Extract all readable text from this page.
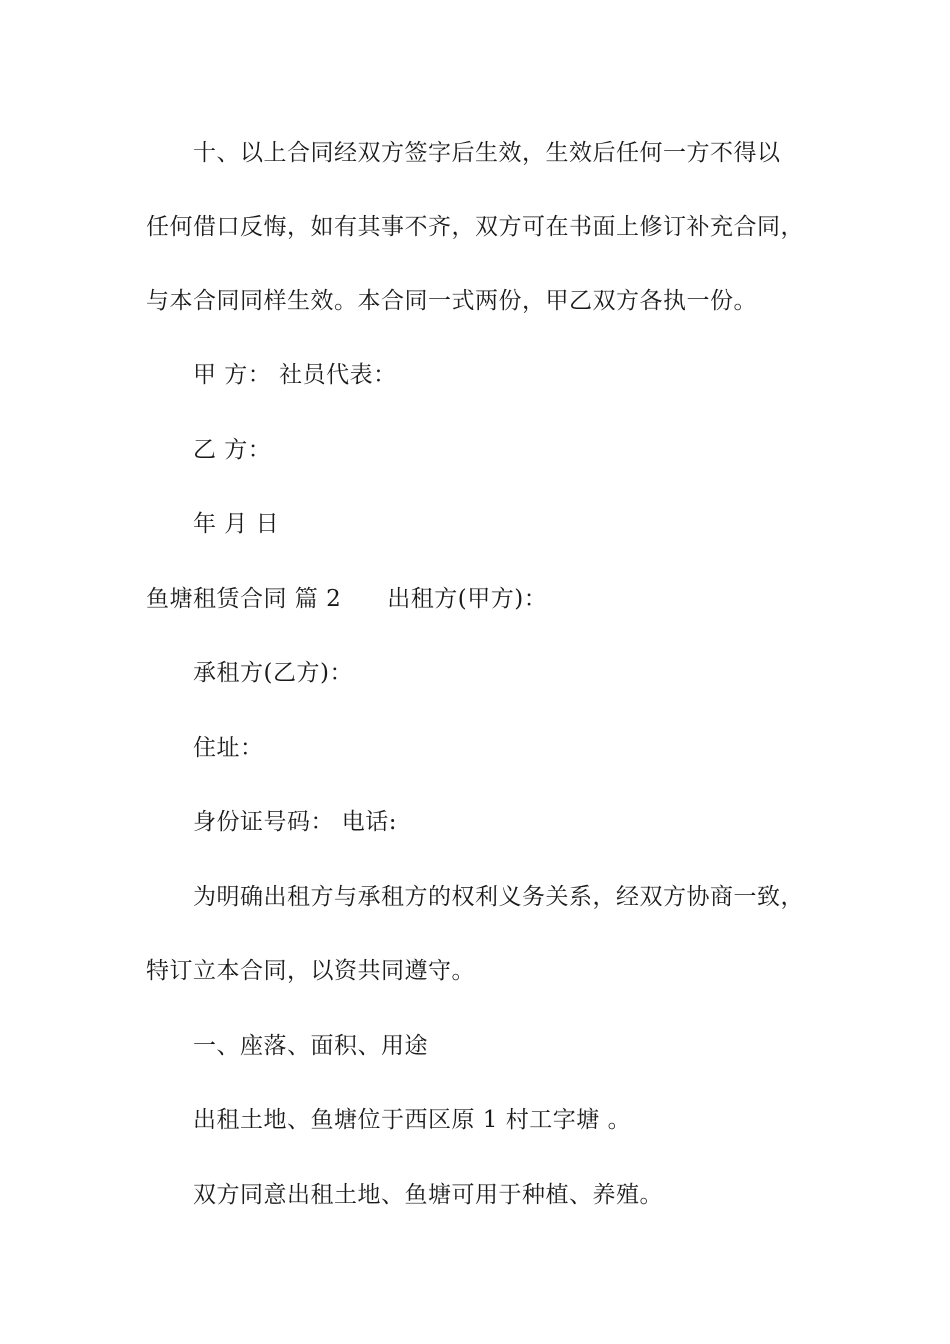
十、以上合同经双方签字后生效，生效后任何一方不得以
任何借口反悔，如有其事不齐，双方可在书面上修订补充合同，
与本合同同样生效。本合同一式两份，甲乙双方各执一份。
甲 方： 社员代表：
乙 方：
年 月 日
鱼塘租赁合同 篇 2 出租方(甲方)：
承租方(乙方)：
住址：
身份证号码： 电话:
为明确出租方与承租方的权利义务关系，经双方协商一致，
特订立本合同，以资共同遵守。
一、座落、面积、用途
出租土地、鱼塘位于西区原 1 村工字塘 。
双方同意出租土地、鱼塘可用于种植、养殖。
